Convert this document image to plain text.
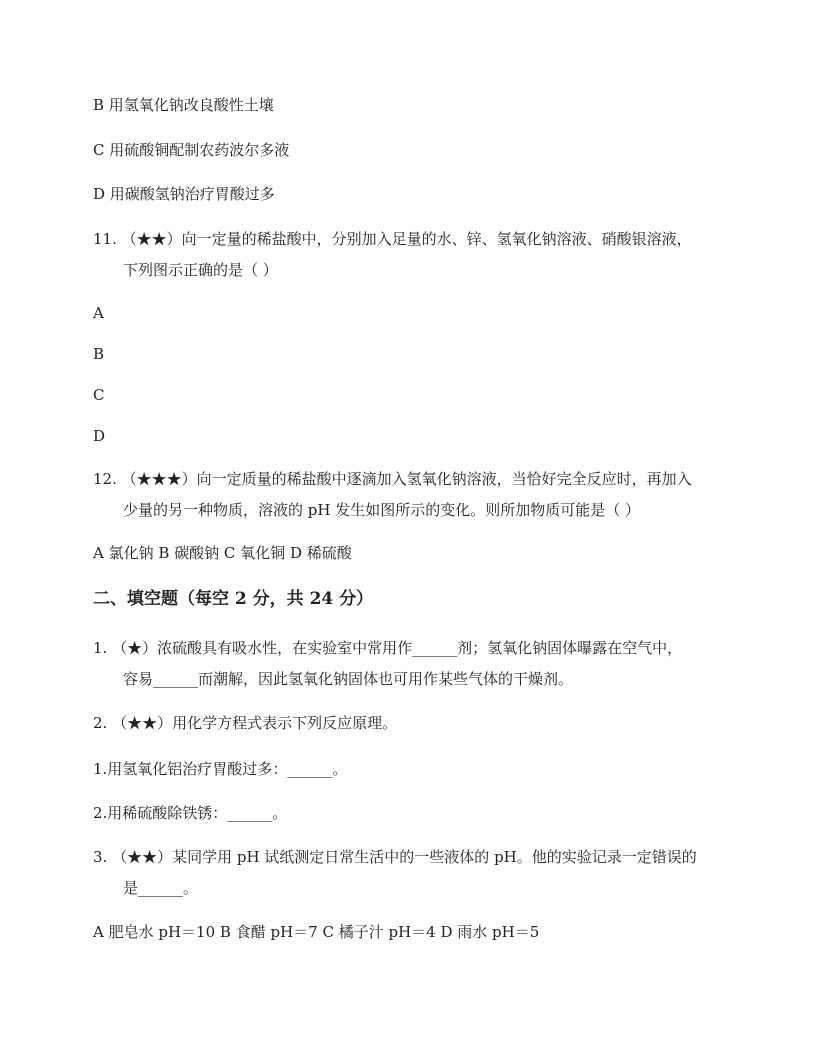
B 用氢氧化钠改良酸性土壤
C 用硫酸铜配制农药波尔多液
D 用碳酸氢钠治疗胃酸过多
11. （★★）向一定量的稀盐酸中，分别加入足量的水、锌、氢氧化钠溶液、硝酸银溶液，
下列图示正确的是（ ）
A
B
C
D
12. （★★★）向一定质量的稀盐酸中逐滴加入氢氧化钠溶液，当恰好完全反应时，再加入
少量的另一种物质，溶液的 pH 发生如图所示的变化。则所加物质可能是（ ）
A 氯化钠 B 碳酸钠 C 氧化铜 D 稀硫酸
二、填空题（每空 2 分，共 24 分）
1. （★）浓硫酸具有吸水性，在实验室中常用作______剂；氢氧化钠固体曝露在空气中，
容易______而潮解，因此氢氧化钠固体也可用作某些气体的干燥剂。
2. （★★）用化学方程式表示下列反应原理。
1.用氢氧化铝治疗胃酸过多：______。
2.用稀硫酸除铁锈：______。
3. （★★）某同学用 pH 试纸测定日常生活中的一些液体的 pH。他的实验记录一定错误的
是______。
A 肥皂水 pH＝10 B 食醋 pH＝7 C 橘子汁 pH＝4 D 雨水 pH＝5
